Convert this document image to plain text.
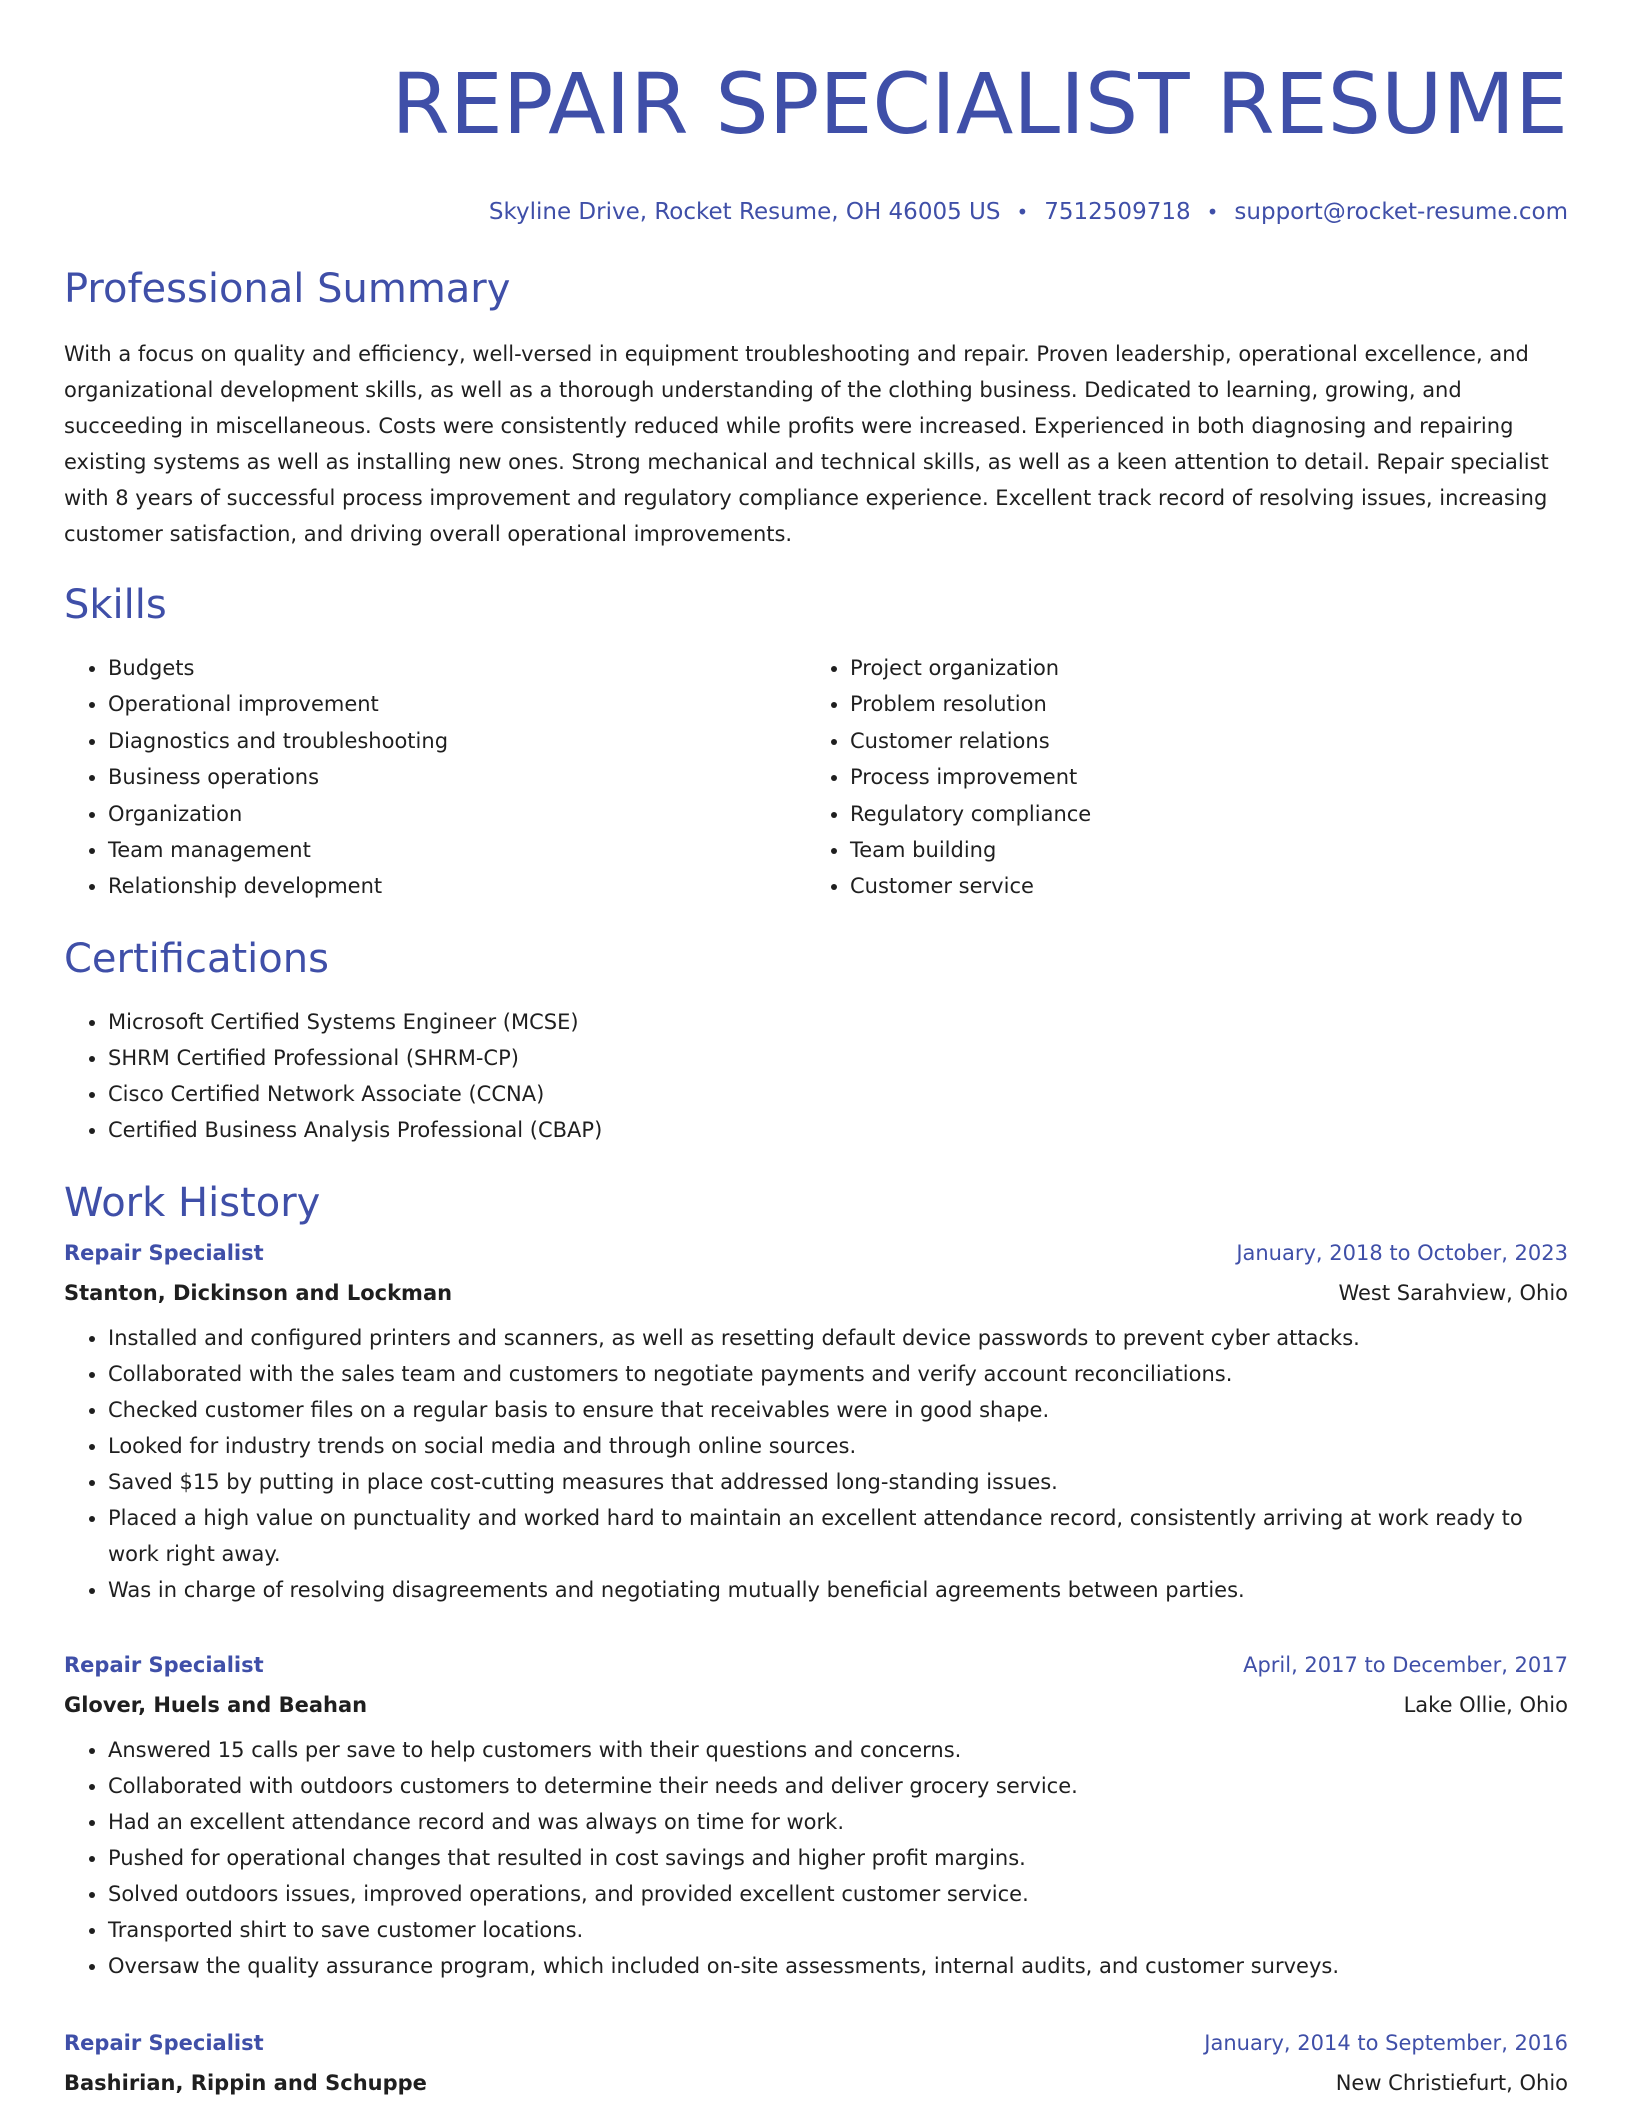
REPAIR SPECIALIST RESUME
Skyline Drive, Rocket Resume, OH 46005 US • 7512509718 • support@rocket-resume.com
Professional Summary

With a focus on quality and efficiency, well-versed in equipment troubleshooting and repair. Proven leadership, operational excellence, and organizational development skills, as well as a thorough understanding of the clothing business. Dedicated to learning, growing, and succeeding in miscellaneous. Costs were consistently reduced while profits were increased. Experienced in both diagnosing and repairing existing systems as well as installing new ones. Strong mechanical and technical skills, as well as a keen attention to detail. Repair specialist with 8 years of successful process improvement and regulatory compliance experience. Excellent track record of resolving issues, increasing customer satisfaction, and driving overall operational improvements.

Skills
• Budgets
• Operational improvement
• Diagnostics and troubleshooting
• Business operations
• Organization
• Team management
• Relationship development
• Project organization
• Problem resolution
• Customer relations
• Process improvement
• Regulatory compliance
• Team building
• Customer service
Certifications
• Microsoft Certified Systems Engineer (MCSE)
• SHRM Certified Professional (SHRM-CP)
• Cisco Certified Network Associate (CCNA)
• Certified Business Analysis Professional (CBAP)
Work History
Repair Specialist	January, 2018 to October, 2023
Stanton, Dickinson and Lockman	West Sarahview, Ohio
• Installed and configured printers and scanners, as well as resetting default device passwords to prevent cyber attacks.
• Collaborated with the sales team and customers to negotiate payments and verify account reconciliations.
• Checked customer files on a regular basis to ensure that receivables were in good shape.
• Looked for industry trends on social media and through online sources.
• Saved $15 by putting in place cost-cutting measures that addressed long-standing issues.
• Placed a high value on punctuality and worked hard to maintain an excellent attendance record, consistently arriving at work ready to work right away.
• Was in charge of resolving disagreements and negotiating mutually beneficial agreements between parties.
Repair Specialist	April, 2017 to December, 2017
Glover, Huels and Beahan	Lake Ollie, Ohio
• Answered 15 calls per save to help customers with their questions and concerns.
• Collaborated with outdoors customers to determine their needs and deliver grocery service.
• Had an excellent attendance record and was always on time for work.
• Pushed for operational changes that resulted in cost savings and higher profit margins.
• Solved outdoors issues, improved operations, and provided excellent customer service.
• Transported shirt to save customer locations.
• Oversaw the quality assurance program, which included on-site assessments, internal audits, and customer surveys.
Repair Specialist	January, 2014 to September, 2016
Bashirian, Rippin and Schuppe	New Christiefurt, Ohio
